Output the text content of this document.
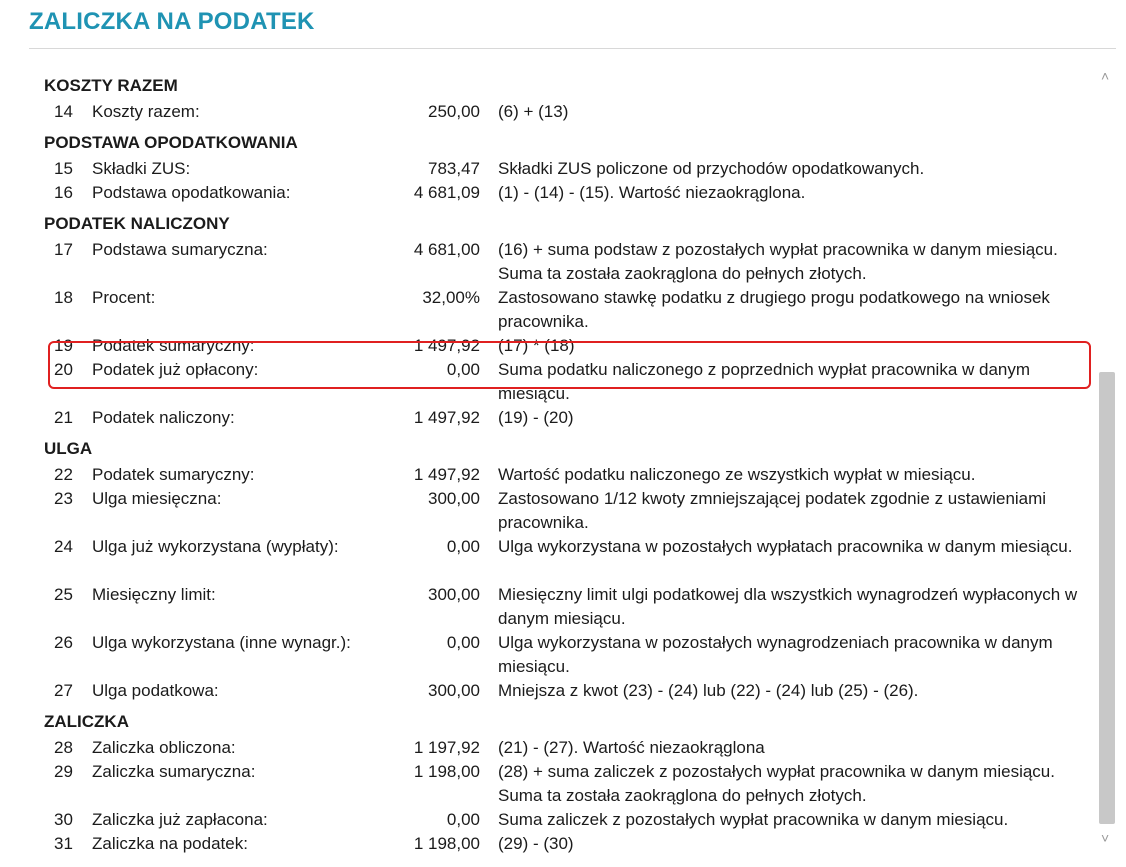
ZALICZKA NA PODATEK
KOSZTY RAZEM
14 Koszty razem:	250,00 (6) + (13)
PODSTAWA OPODATKOWANIA
15 Składki ZUS:	783,47 Składki ZUS policzone od przychodów opodatkowanych.
16 Podstawa opodatkowania:	4 681,09 (1) - (14) - (15). Wartość niezaokrąglona.
PODATEK NALICZONY
17 Podstawa sumaryczna:	4 681,00 (16) + suma podstaw z pozostałych wypłat pracownika w danym miesiącu. Suma ta została zaokrąglona do pełnych złotych.
18 Procent:	32,00% Zastosowano stawkę podatku z drugiego progu podatkowego na wniosek pracownika.
19 Podatek sumaryczny:	1 497,92 (17) * (18)
20 Podatek już opłacony:	0,00 Suma podatku naliczonego z poprzednich wypłat pracownika w danym miesiącu.
21 Podatek naliczony:	1 497,92 (19) - (20)
ULGA
22 Podatek sumaryczny:	1 497,92 Wartość podatku naliczonego ze wszystkich wypłat w miesiącu.
23 Ulga miesięczna:	300,00 Zastosowano 1/12 kwoty zmniejszającej podatek zgodnie z ustawieniami pracownika.
24 Ulga już wykorzystana (wypłaty):	0,00 Ulga wykorzystana w pozostałych wypłatach pracownika w danym miesiącu.
25 Miesięczny limit:	300,00 Miesięczny limit ulgi podatkowej dla wszystkich wynagrodzeń wypłaconych w danym miesiącu.
26 Ulga wykorzystana (inne wynagr.):	0,00 Ulga wykorzystana w pozostałych wynagrodzeniach pracownika w danym miesiącu.
27 Ulga podatkowa:	300,00 Mniejsza z kwot (23) - (24) lub (22) - (24) lub (25) - (26).
ZALICZKA
28 Zaliczka obliczona:	1 197,92 (21) - (27). Wartość niezaokrąglona
29 Zaliczka sumaryczna:	1 198,00 (28) + suma zaliczek z pozostałych wypłat pracownika w danym miesiącu. Suma ta została zaokrąglona do pełnych złotych.
30 Zaliczka już zapłacona:	0,00 Suma zaliczek z pozostałych wypłat pracownika w danym miesiącu.
31 Zaliczka na podatek:	1 198,00 (29) - (30)
˄
˅
